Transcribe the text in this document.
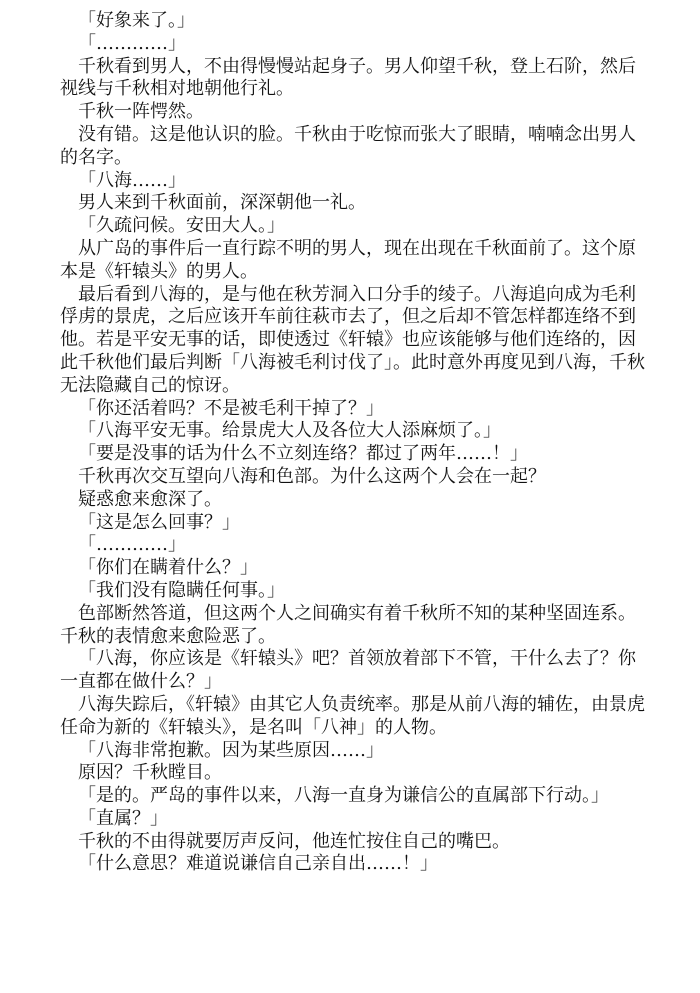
「好象来了。」

「…………」

千秋看到男人，不由得慢慢站起身子。男人仰望千秋，登上石阶，然后视线与千秋相对地朝他行礼。

千秋一阵愕然。

没有错。这是他认识的脸。千秋由于吃惊而张大了眼睛，喃喃念出男人的名字。

「八海……」

男人来到千秋面前，深深朝他一礼。

「久疏问候。安田大人。」

从广岛的事件后一直行踪不明的男人，现在出现在千秋面前了。这个原本是《轩辕头》的男人。

最后看到八海的，是与他在秋芳洞入口分手的绫子。八海追向成为毛利俘虏的景虎，之后应该开车前往萩市去了，但之后却不管怎样都连络不到他。若是平安无事的话，即使透过《轩辕》也应该能够与他们连络的，因此千秋他们最后判断「八海被毛利讨伐了」。此时意外再度见到八海，千秋无法隐藏自己的惊讶。

「你还活着吗？不是被毛利干掉了？」

「八海平安无事。给景虎大人及各位大人添麻烦了。」

「要是没事的话为什么不立刻连络？都过了两年……！」

千秋再次交互望向八海和色部。为什么这两个人会在一起？

疑惑愈来愈深了。

「这是怎么回事？」

「…………」

「你们在瞒着什么？」

「我们没有隐瞒任何事。」

色部断然答道，但这两个人之间确实有着千秋所不知的某种坚固连系。千秋的表情愈来愈险恶了。

「八海，你应该是《轩辕头》吧？首领放着部下不管，干什么去了？你一直都在做什么？」

八海失踪后，《轩辕》由其它人负责统率。那是从前八海的辅佐，由景虎任命为新的《轩辕头》，是名叫「八神」的人物。

「八海非常抱歉。因为某些原因……」

原因？千秋瞠目。

「是的。严岛的事件以来，八海一直身为谦信公的直属部下行动。」

「直属？」

千秋的不由得就要厉声反问，他连忙按住自己的嘴巴。

「什么意思？难道说谦信自己亲自出……！」
